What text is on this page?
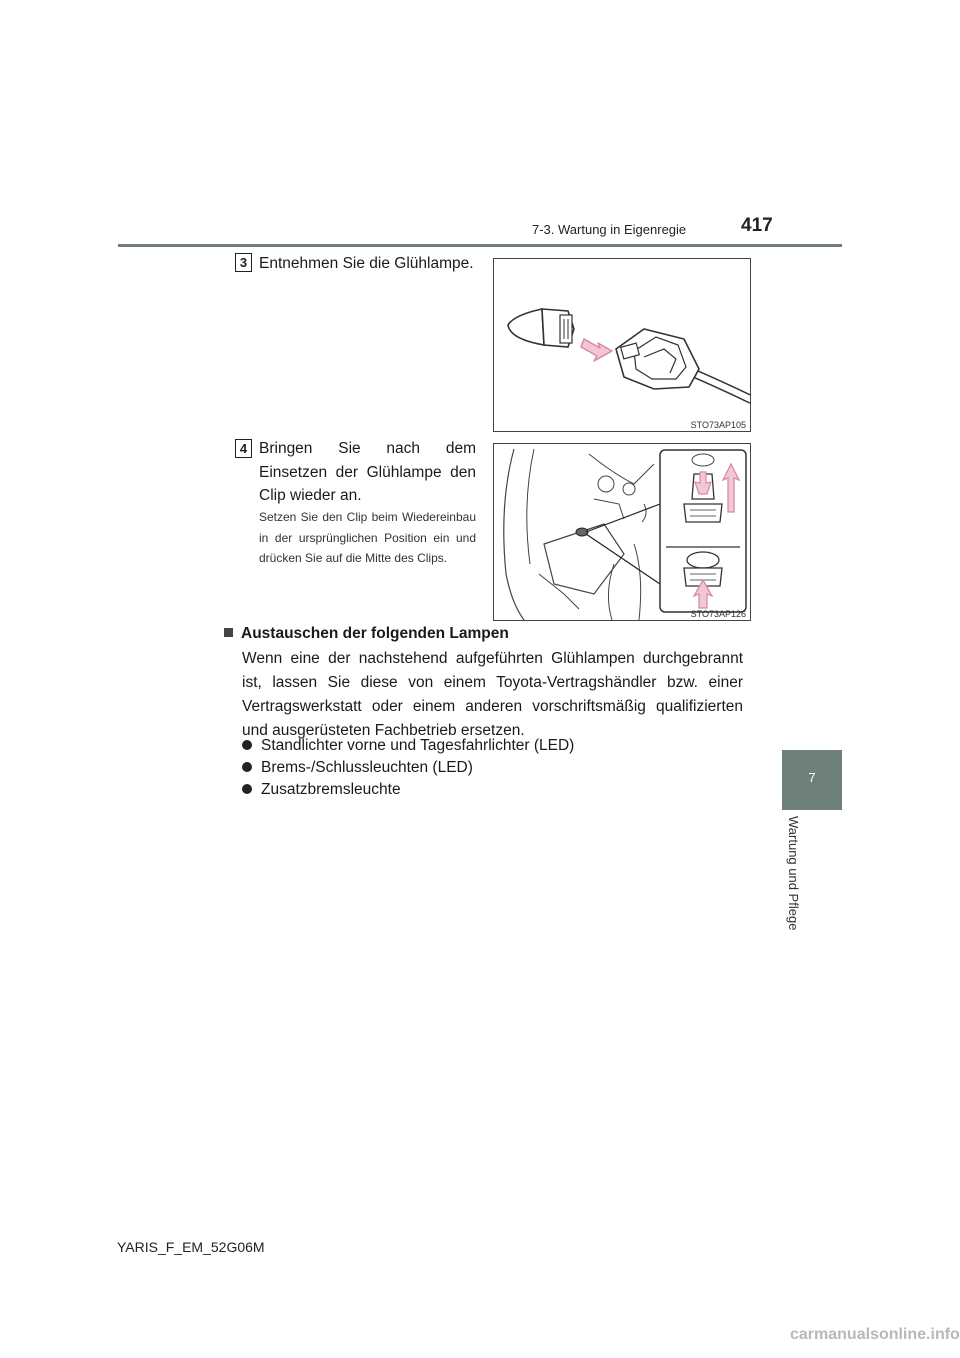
7-3. Wartung in Eigenregie	417
7
Wartung und Pflege
3 Entnehmen Sie die Glühlampe.
STO73AP105
4 Bringen Sie nach dem Einsetzen der Glühlampe den Clip wieder an.
Setzen Sie den Clip beim Wiedereinbau in der ursprünglichen Position ein und drücken Sie auf die Mitte des Clips.
STO73AP126
Austauschen der folgenden Lampen
Wenn eine der nachstehend aufgeführten Glühlampen durchgebrannt ist, lassen Sie diese von einem Toyota-Vertragshändler bzw. einer Vertragswerkstatt oder einem anderen vorschriftsmäßig qualifizierten und ausgerüsteten Fachbetrieb ersetzen.
Standlichter vorne und Tagesfahrlichter (LED)
Brems-/Schlussleuchten (LED)
Zusatzbremsleuchte
YARIS_F_EM_52G06M
carmanualsonline.info
